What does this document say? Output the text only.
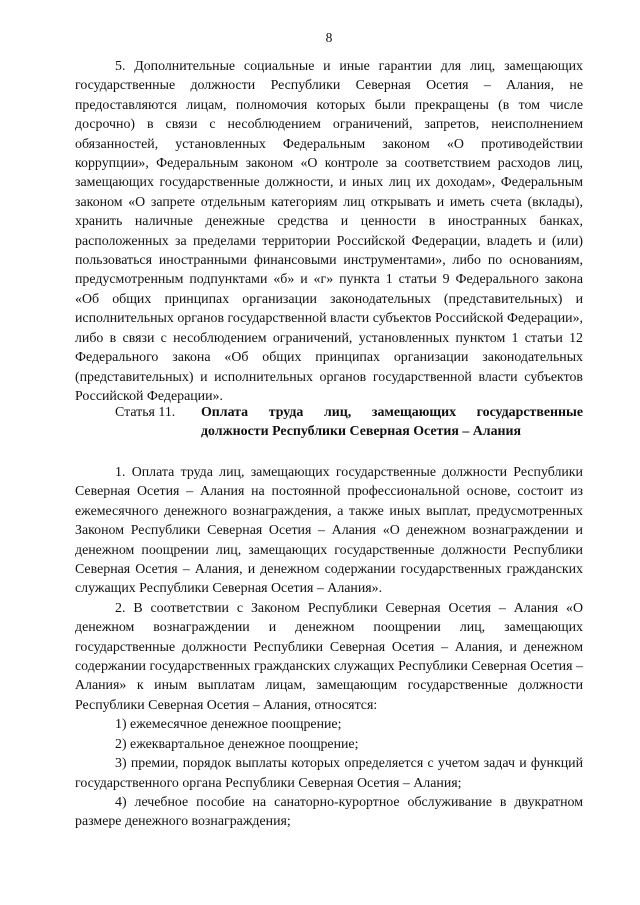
8

5. Дополнительные социальные и иные гарантии для лиц, замещающих государственные должности Республики Северная Осетия – Алания, не предоставляются лицам, полномочия которых были прекращены (в том числе досрочно) в связи с несоблюдением ограничений, запретов, неисполнением обязанностей, установленных Федеральным законом «О противодействии коррупции», Федеральным законом «О контроле за соответствием расходов лиц, замещающих государственные должности, и иных лиц их доходам», Федеральным законом «О запрете отдельным категориям лиц открывать и иметь счета (вклады), хранить наличные денежные средства и ценности в иностранных банках, расположенных за пределами территории Российской Федерации, владеть и (или) пользоваться иностранными финансовыми инструментами», либо по основаниям, предусмотренным подпунктами «б» и «г» пункта 1 статьи 9 Федерального закона «Об общих принципах организации законодательных (представительных) и исполнительных органов государственной власти субъектов Российской Федерации», либо в связи с несоблюдением ограничений, установленных пунктом 1 статьи 12 Федерального закона «Об общих принципах организации законодательных (представительных) и исполнительных органов государственной власти субъектов Российской Федерации».

Статья 11.	Оплата труда лиц, замещающих государственные должности Республики Северная Осетия – Алания

1. Оплата труда лиц, замещающих государственные должности Республики Северная Осетия – Алания на постоянной профессиональной основе, состоит из ежемесячного денежного вознаграждения, а также иных выплат, предусмотренных Законом Республики Северная Осетия – Алания «О денежном вознаграждении и денежном поощрении лиц, замещающих государственные должности Республики Северная Осетия – Алания, и денежном содержании государственных гражданских служащих Республики Северная Осетия – Алания».

2. В соответствии с Законом Республики Северная Осетия – Алания «О денежном вознаграждении и денежном поощрении лиц, замещающих государственные должности Республики Северная Осетия – Алания, и денежном содержании государственных гражданских служащих Республики Северная Осетия – Алания» к иным выплатам лицам, замещающим государственные должности Республики Северная Осетия – Алания, относятся:

1) ежемесячное денежное поощрение;

2) ежеквартальное денежное поощрение;

3) премии, порядок выплаты которых определяется с учетом задач и функций государственного органа Республики Северная Осетия – Алания;

4) лечебное пособие на санаторно-курортное обслуживание в двукратном размере денежного вознаграждения;
